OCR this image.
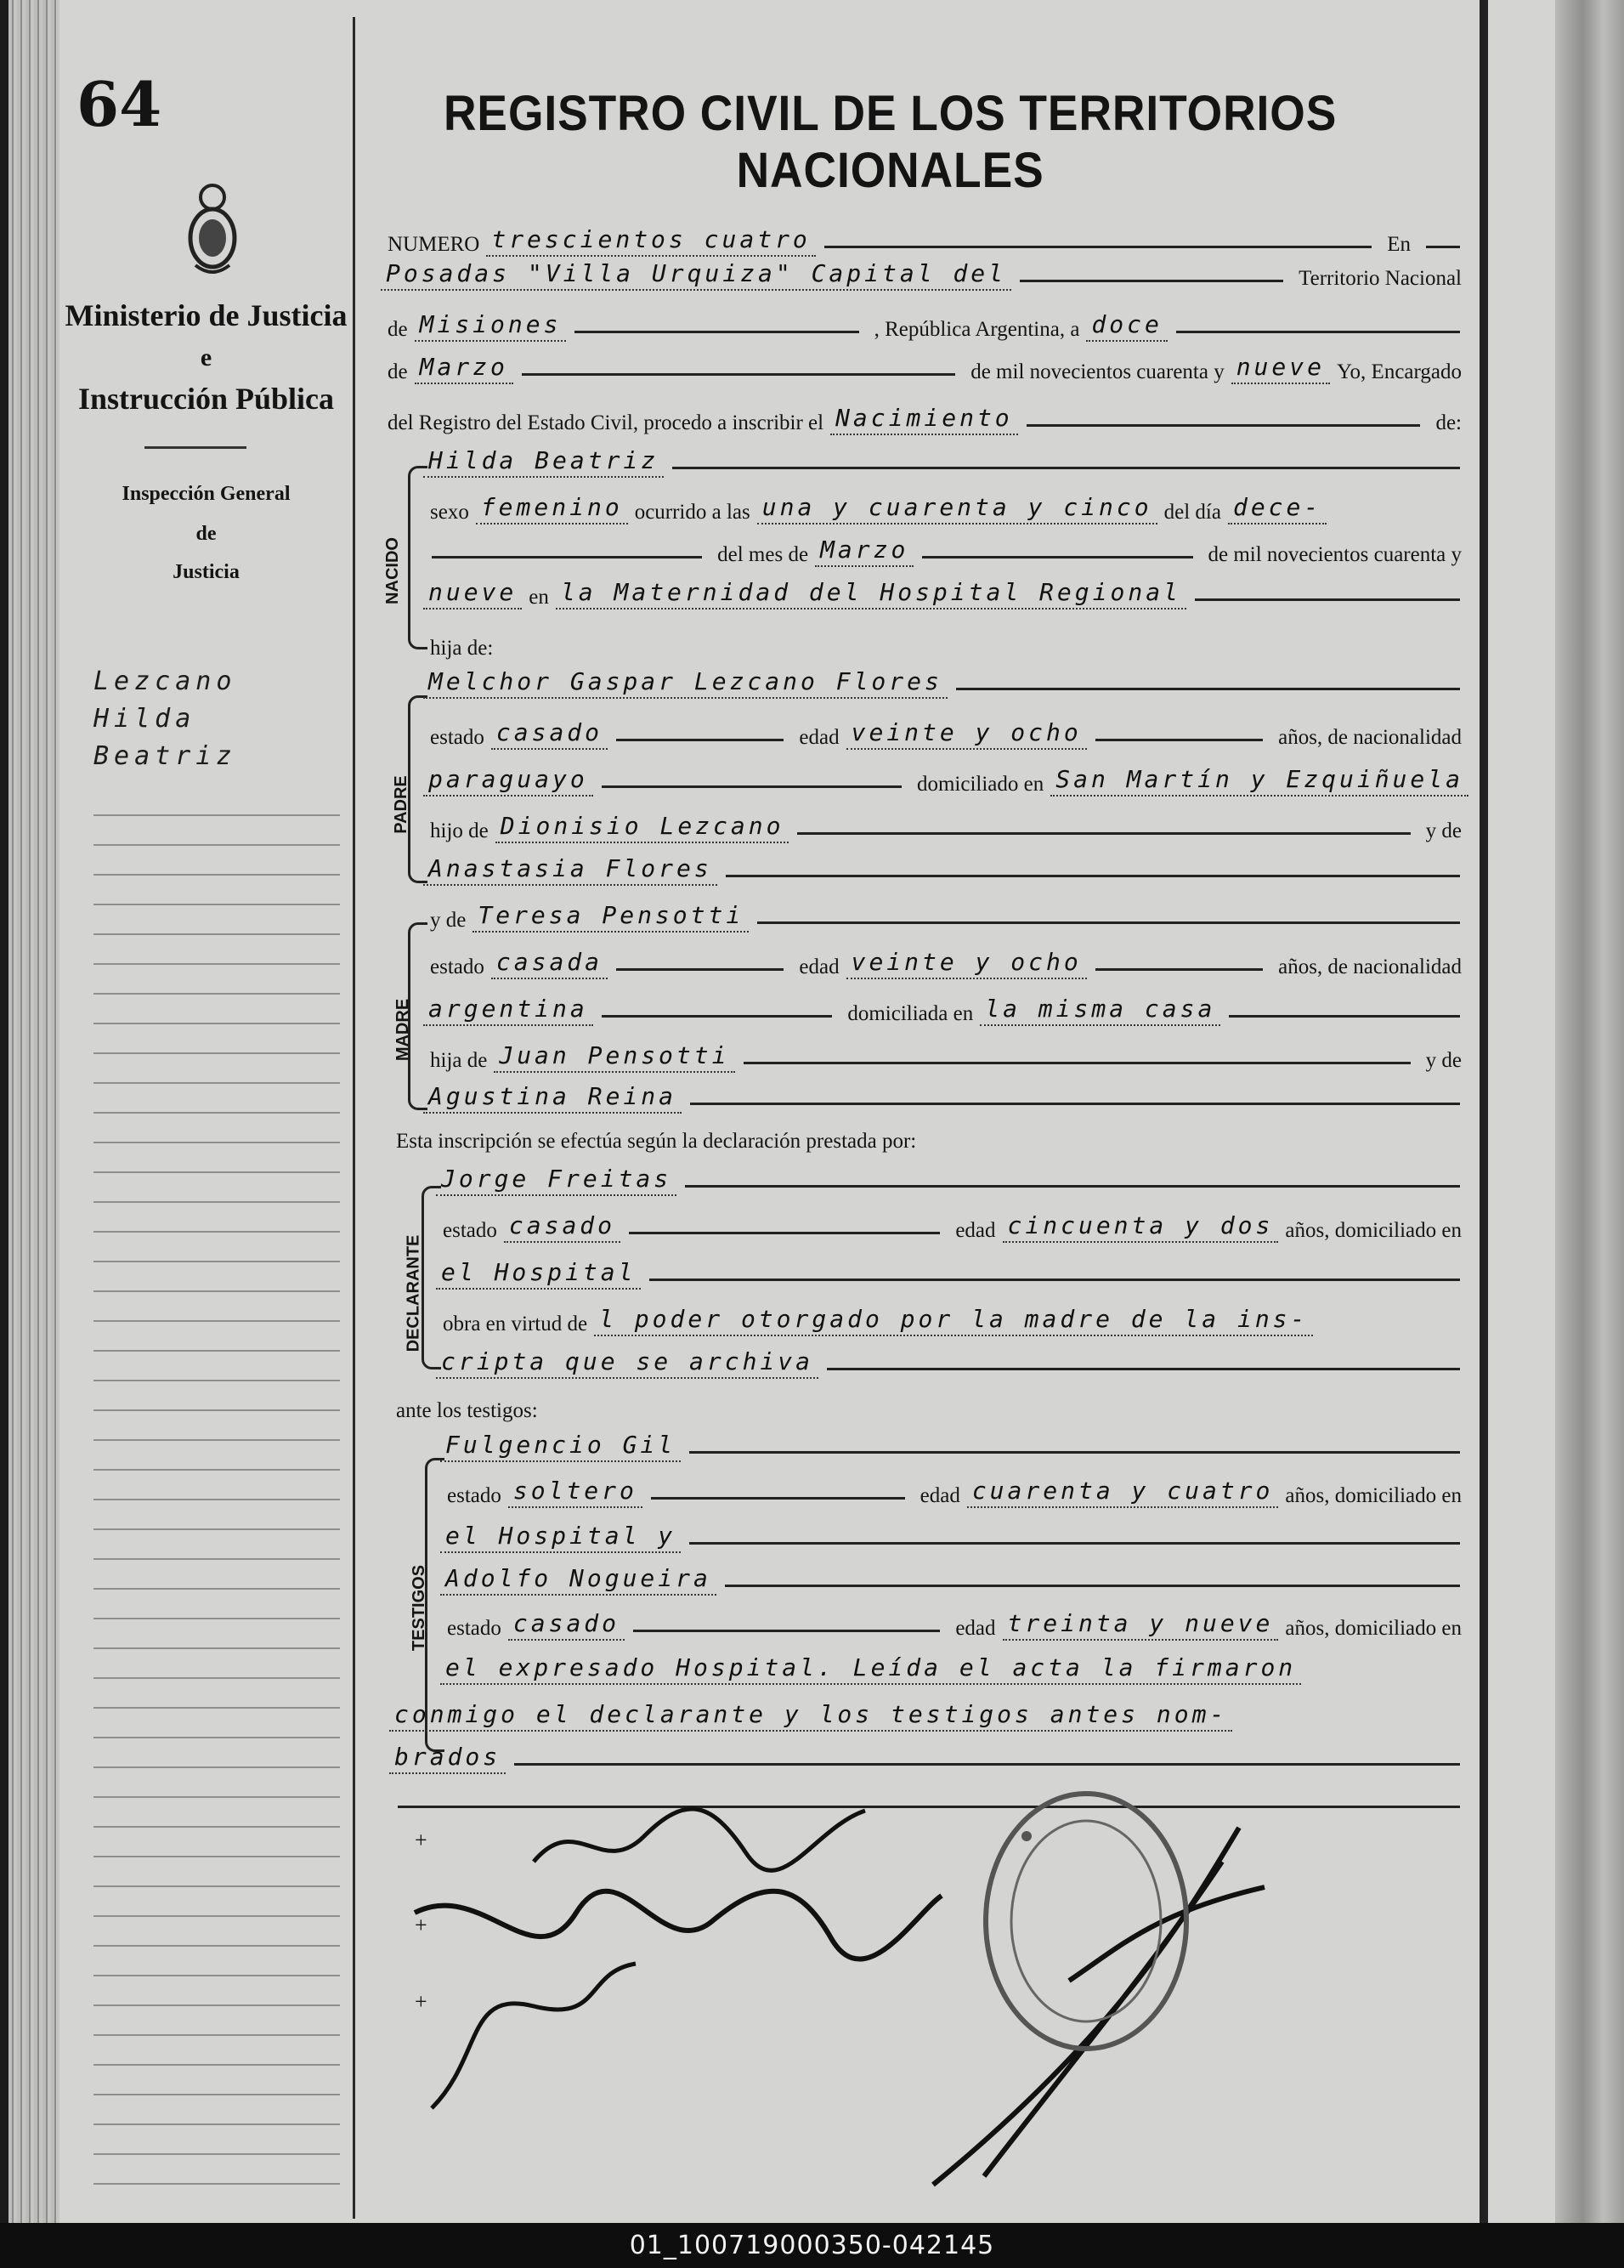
64
Ministerio de Justicia
e
Instrucción Pública
Inspección General
de
Justicia
Lezcano
Hilda
Beatriz
REGISTRO CIVIL DE LOS TERRITORIOS NACIONALES
NUMERO trescientos cuatro	En
Posadas "Villa Urquiza" Capital del	Territorio Nacional
de Misiones	, República Argentina, a doce
de Marzo	de mil novecientos cuarenta y nueve Yo, Encargado
del Registro del Estado Civil, procedo a inscribir el Nacimiento	de:
NACIDO
Hilda Beatriz
sexo femenino ocurrido a las una y cuarenta y cinco del día dece-
del mes de Marzo	de mil novecientos cuarenta y
nueve en la Maternidad del Hospital Regional
hija de:
PADRE
Melchor Gaspar Lezcano Flores
estado casado	edad veinte y ocho	años, de nacionalidad
paraguayo	domiciliado en San Martín y Ezquiñuela
hijo de Dionisio Lezcano	y de
Anastasia Flores
MADRE
y de Teresa Pensotti
estado casada	edad veinte y ocho	años, de nacionalidad
argentina	domiciliada en la misma casa
hija de Juan Pensotti	y de
Agustina Reina
Esta inscripción se efectúa según la declaración prestada por:
DECLARANTE
Jorge Freitas
estado casado	edad cincuenta y dos años, domiciliado en
el Hospital
obra en virtud de l poder otorgado por la madre de la ins-
cripta que se archiva
ante los testigos:
TESTIGOS
Fulgencio Gil
estado soltero	edad cuarenta y cuatro años, domiciliado en
el Hospital y
Adolfo Nogueira
estado casado	edad treinta y nueve años, domiciliado en
el expresado Hospital. Leída el acta la firmaron
conmigo el declarante y los testigos antes nom-
brados
+
+
+
01_100719000350-042145
